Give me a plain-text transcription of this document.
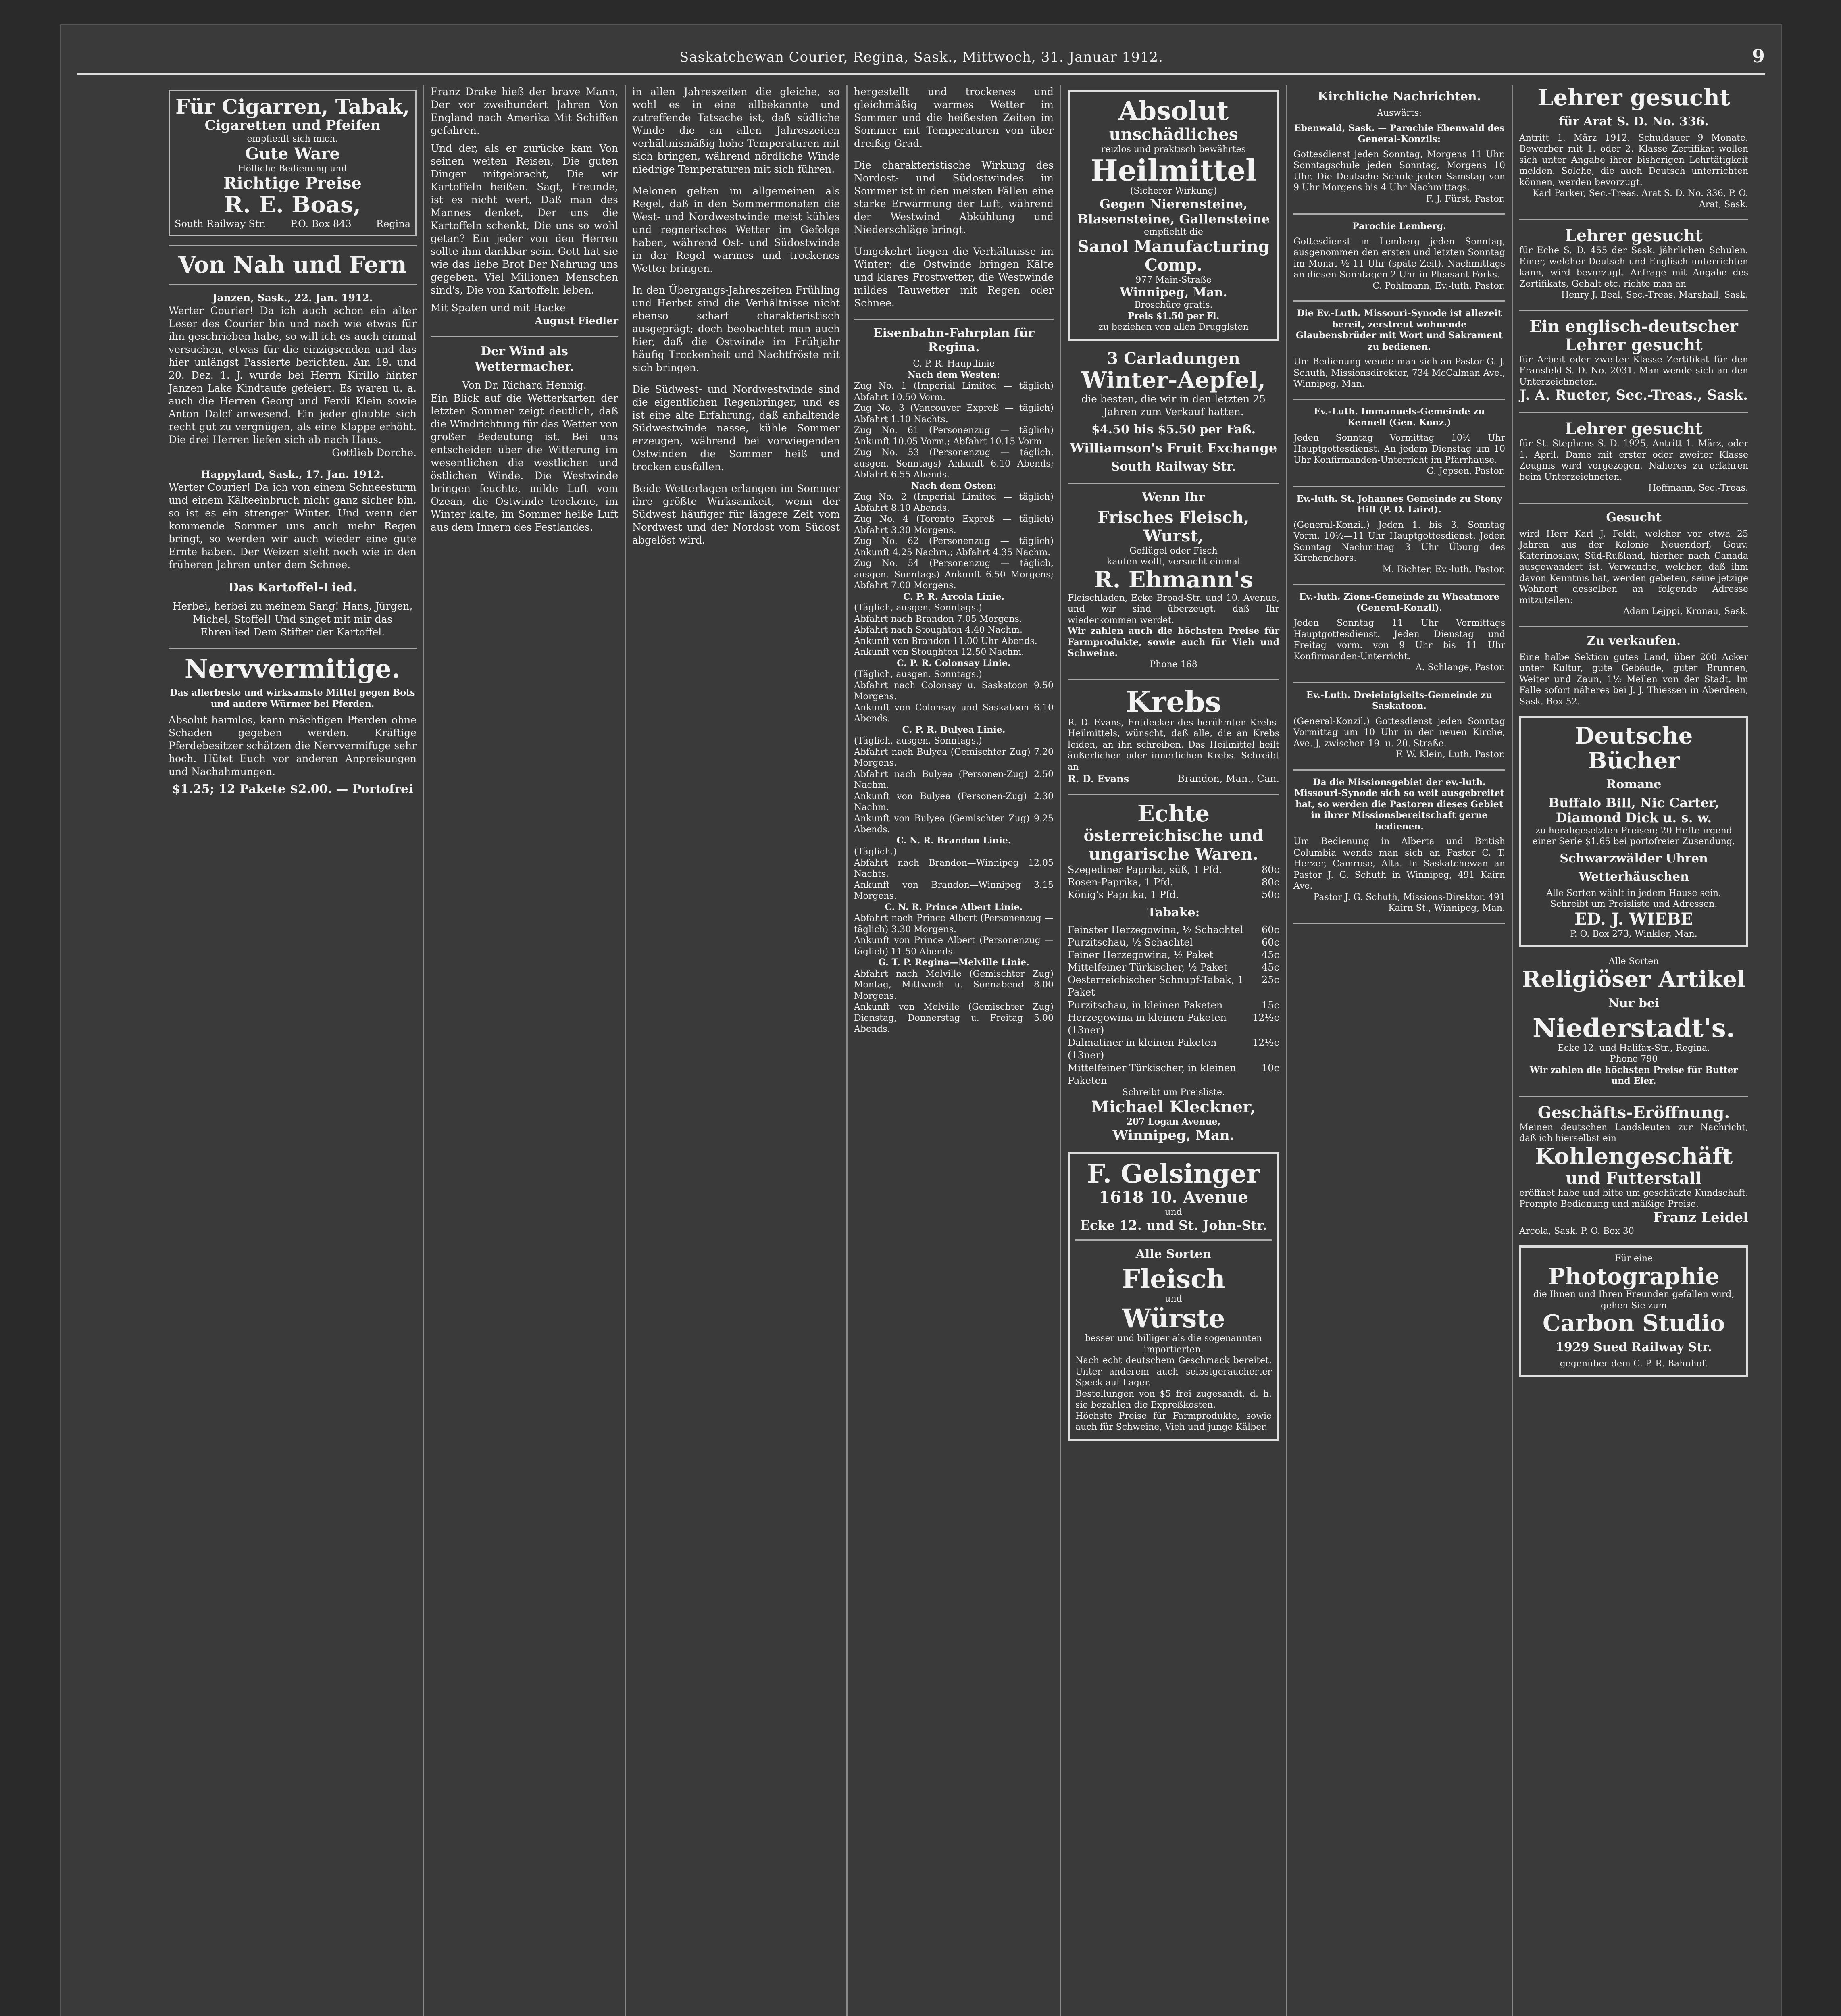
Saskatchewan Courier, Regina, Sask., Mittwoch, 31. Januar 1912.	9
Für Cigarren, Tabak,
Cigaretten und Pfeifen
empfiehlt sich mich.
Gute Ware
Höfliche Bedienung und
Richtige Preise
R. E. Boas,
South Railway Str.	P.O. Box 843	Regina
Von Nah und Fern
Janzen, Sask., 22. Jan. 1912.
Werter Courier! Da ich auch schon ein alter Leser des Courier bin und nach wie etwas für ihn geschrieben habe, so will ich es auch einmal versuchen, etwas für die einzigsenden und das hier unlängst Passierte berichten. Am 19. und 20. Dez. 1. J. wurde bei Herrn Kirillo hinter Janzen Lake Kindtaufe gefeiert. Es waren u. a. auch die Herren Georg und Ferdi Klein sowie Anton Dalcf anwesend. Ein jeder glaubte sich recht gut zu vergnügen, als eine Klappe erhöht. Die drei Herren liefen sich ab nach Haus.
Gottlieb Dorche.
Happyland, Sask., 17. Jan. 1912.
Werter Courier! Da ich von einem Schneesturm und einem Kälteeinbruch nicht ganz sicher bin, so ist es ein strenger Winter. Und wenn der kommende Sommer uns auch mehr Regen bringt, so werden wir auch wieder eine gute Ernte haben. Der Weizen steht noch wie in den früheren Jahren unter dem Schnee.
Das Kartoffel-Lied.
Herbei, herbei zu meinem Sang! Hans, Jürgen, Michel, Stoffel! Und singet mit mir das Ehrenlied Dem Stifter der Kartoffel.
Nervvermitige.
Das allerbeste und wirksamste Mittel gegen Bots und andere Würmer bei Pferden.
Absolut harmlos, kann mächtigen Pferden ohne Schaden gegeben werden. Kräftige Pferdebesitzer schätzen die Nervvermifuge sehr hoch. Hütet Euch vor anderen Anpreisungen und Nachahmungen.
$1.25; 12 Pakete $2.00. — Portofrei
Franz Drake hieß der brave Mann, Der vor zweihundert Jahren Von England nach Amerika Mit Schiffen gefahren.
Und der, als er zurücke kam Von seinen weiten Reisen, Die guten Dinger mitgebracht, Die wir Kartoffeln heißen. Sagt, Freunde, ist es nicht wert, Daß man des Mannes denket, Der uns die Kartoffeln schenkt, Die uns so wohl getan? Ein jeder von den Herren sollte ihm dankbar sein. Gott hat sie wie das liebe Brot Der Nahrung uns gegeben. Viel Millionen Menschen sind's, Die von Kartoffeln leben.
Mit Spaten und mit Hacke
August Fiedler
Der Wind als Wettermacher.
Von Dr. Richard Hennig.
Ein Blick auf die Wetterkarten der letzten Sommer zeigt deutlich, daß die Windrichtung für das Wetter von großer Bedeutung ist. Bei uns entscheiden über die Witterung im wesentlichen die westlichen und östlichen Winde. Die Westwinde bringen feuchte, milde Luft vom Ozean, die Ostwinde trockene, im Winter kalte, im Sommer heiße Luft aus dem Innern des Festlandes.
in allen Jahreszeiten die gleiche, so wohl es in eine allbekannte und zutreffende Tatsache ist, daß südliche Winde die an allen Jahreszeiten verhältnismäßig hohe Temperaturen mit sich bringen, während nördliche Winde niedrige Temperaturen mit sich führen.
Melonen gelten im allgemeinen als Regel, daß in den Sommermonaten die West- und Nordwestwinde meist kühles und regnerisches Wetter im Gefolge haben, während Ost- und Südostwinde in der Regel warmes und trockenes Wetter bringen.
In den Übergangs-Jahreszeiten Frühling und Herbst sind die Verhältnisse nicht ebenso scharf charakteristisch ausgeprägt; doch beobachtet man auch hier, daß die Ostwinde im Frühjahr häufig Trockenheit und Nachtfröste mit sich bringen.
Die Südwest- und Nordwestwinde sind die eigentlichen Regenbringer, und es ist eine alte Erfahrung, daß anhaltende Südwestwinde nasse, kühle Sommer erzeugen, während bei vorwiegenden Ostwinden die Sommer heiß und trocken ausfallen.
Beide Wetterlagen erlangen im Sommer ihre größte Wirksamkeit, wenn der Südwest häufiger für längere Zeit vom Nordwest und der Nordost vom Südost abgelöst wird.
hergestellt und trockenes und gleichmäßig warmes Wetter im Sommer und die heißesten Zeiten im Sommer mit Temperaturen von über dreißig Grad.
Die charakteristische Wirkung des Nordost- und Südostwindes im Sommer ist in den meisten Fällen eine starke Erwärmung der Luft, während der Westwind Abkühlung und Niederschläge bringt.
Umgekehrt liegen die Verhältnisse im Winter: die Ostwinde bringen Kälte und klares Frostwetter, die Westwinde mildes Tauwetter mit Regen oder Schnee.
Eisenbahn-Fahrplan für Regina.
C. P. R. Hauptlinie
Nach dem Westen:
Zug No. 1 (Imperial Limited — täglich) Abfahrt 10.50 Vorm.
Zug No. 3 (Vancouver Expreß — täglich) Abfahrt 1.10 Nachts.
Zug No. 61 (Personenzug — täglich) Ankunft 10.05 Vorm.; Abfahrt 10.15 Vorm.
Zug No. 53 (Personenzug — täglich, ausgen. Sonntags) Ankunft 6.10 Abends; Abfahrt 6.55 Abends.
Nach dem Osten:
Zug No. 2 (Imperial Limited — täglich) Abfahrt 8.10 Abends.
Zug No. 4 (Toronto Expreß — täglich) Abfahrt 3.30 Morgens.
Zug No. 62 (Personenzug — täglich) Ankunft 4.25 Nachm.; Abfahrt 4.35 Nachm.
Zug No. 54 (Personenzug — täglich, ausgen. Sonntags) Ankunft 6.50 Morgens; Abfahrt 7.00 Morgens.
C. P. R. Arcola Linie.
(Täglich, ausgen. Sonntags.)
Abfahrt nach Brandon 7.05 Morgens.
Abfahrt nach Stoughton 4.40 Nachm.
Ankunft von Brandon 11.00 Uhr Abends.
Ankunft von Stoughton 12.50 Nachm.
C. P. R. Colonsay Linie.
(Täglich, ausgen. Sonntags.)
Abfahrt nach Colonsay u. Saskatoon 9.50 Morgens.
Ankunft von Colonsay und Saskatoon 6.10 Abends.
C. P. R. Bulyea Linie.
(Täglich, ausgen. Sonntags.)
Abfahrt nach Bulyea (Gemischter Zug) 7.20 Morgens.
Abfahrt nach Bulyea (Personen-Zug) 2.50 Nachm.
Ankunft von Bulyea (Personen-Zug) 2.30 Nachm.
Ankunft von Bulyea (Gemischter Zug) 9.25 Abends.
C. N. R. Brandon Linie.
(Täglich.)
Abfahrt nach Brandon—Winnipeg 12.05 Nachts.
Ankunft von Brandon—Winnipeg 3.15 Morgens.
C. N. R. Prince Albert Linie.
Abfahrt nach Prince Albert (Personenzug — täglich) 3.30 Morgens.
Ankunft von Prince Albert (Personenzug — täglich) 11.50 Abends.
G. T. P. Regina—Melville Linie.
Abfahrt nach Melville (Gemischter Zug) Montag, Mittwoch u. Sonnabend 8.00 Morgens.
Ankunft von Melville (Gemischter Zug) Dienstag, Donnerstag u. Freitag 5.00 Abends.
Absolut
unschädliches
reizlos und praktisch bewährtes
Heilmittel
(Sicherer Wirkung)
Gegen Nierensteine, Blasensteine, Gallensteine
empfiehlt die
Sanol Manufacturing Comp.
977 Main-Straße
Winnipeg, Man.
Broschüre gratis.
Preis $1.50 per Fl.
zu beziehen von allen Drugglsten
3 Carladungen
Winter-Aepfel,
die besten, die wir in den letzten 25 Jahren zum Verkauf hatten.
$4.50 bis $5.50 per Faß.
Williamson's Fruit Exchange
South Railway Str.
Wenn Ihr
Frisches Fleisch, Wurst,
Geflügel oder Fisch
kaufen wollt, versucht einmal
R. Ehmann's
Fleischladen, Ecke Broad-Str. und 10. Avenue, und wir sind überzeugt, daß Ihr wiederkommen werdet.
Wir zahlen auch die höchsten Preise für Farmprodukte, sowie auch für Vieh und Schweine.
Phone 168
Krebs
R. D. Evans, Entdecker des berühmten Krebs-Heilmittels, wünscht, daß alle, die an Krebs leiden, an ihn schreiben. Das Heilmittel heilt äußerlichen oder innerlichen Krebs. Schreibt an
R. D. Evans	Brandon, Man., Can.
Echte
österreichische und ungarische Waren.
Szegediner Paprika, süß, 1 Pfd.	80c
Rosen-Paprika, 1 Pfd.	80c
König's Paprika, 1 Pfd.	50c
Tabake:
Feinster Herzegowina, ½ Schachtel 60c
Purzitschau, ½ Schachtel	60c
Feiner Herzegowina, ½ Paket	45c
Mittelfeiner Türkischer, ½ Paket	45c
Oesterreichischer Schnupf-Tabak, 1 Paket
25c
Purzitschau, in kleinen Paketen	15c
Herzegowina in kleinen Paketen (13ner)
12½c
Dalmatiner in kleinen Paketen (13ner)
12½c
Mittelfeiner Türkischer, in kleinen Paketen
10c
Schreibt um Preisliste.
Michael Kleckner,
207 Logan Avenue,
Winnipeg, Man.
F. Gelsinger
1618 10. Avenue
und
Ecke 12. und St. John-Str.
Alle Sorten
Fleisch
und
Würste
besser und billiger als die sogenannten importierten.
Nach echt deutschem Geschmack bereitet. Unter anderem auch selbstgeräucherter Speck auf Lager.
Bestellungen von $5 frei zugesandt, d. h. sie bezahlen die Expreßkosten.
Höchste Preise für Farmprodukte, sowie auch für Schweine, Vieh und junge Kälber.
Kirchliche Nachrichten.
Auswärts:
Ebenwald, Sask. — Parochie Ebenwald des General-Konzils:
Gottesdienst jeden Sonntag, Morgens 11 Uhr. Sonntagschule jeden Sonntag, Morgens 10 Uhr. Die Deutsche Schule jeden Samstag von 9 Uhr Morgens bis 4 Uhr Nachmittags.
F. J. Fürst, Pastor.
Parochie Lemberg.
Gottesdienst in Lemberg jeden Sonntag, ausgenommen den ersten und letzten Sonntag im Monat ½ 11 Uhr (späte Zeit). Nachmittags an diesen Sonntagen 2 Uhr in Pleasant Forks.
C. Pohlmann, Ev.-luth. Pastor.
Die Ev.-Luth. Missouri-Synode ist allezeit bereit, zerstreut wohnende Glaubensbrüder mit Wort und Sakrament zu bedienen.
Um Bedienung wende man sich an Pastor G. J. Schuth, Missionsdirektor, 734 McCalman Ave., Winnipeg, Man.
Ev.-Luth. Immanuels-Gemeinde zu Kennell (Gen. Konz.)
Jeden Sonntag Vormittag 10½ Uhr Hauptgottesdienst. An jedem Dienstag um 10 Uhr Konfirmanden-Unterricht im Pfarrhause.
G. Jepsen, Pastor.
Ev.-luth. St. Johannes Gemeinde zu Stony Hill (P. O. Laird).
(General-Konzil.) Jeden 1. bis 3. Sonntag Vorm. 10½—11 Uhr Hauptgottesdienst. Jeden Sonntag Nachmittag 3 Uhr Übung des Kirchenchors.
M. Richter, Ev.-luth. Pastor.
Ev.-luth. Zions-Gemeinde zu Wheatmore (General-Konzil).
Jeden Sonntag 11 Uhr Vormittags Hauptgottesdienst. Jeden Dienstag und Freitag vorm. von 9 Uhr bis 11 Uhr Konfirmanden-Unterricht.
A. Schlange, Pastor.
Ev.-Luth. Dreieinigkeits-Gemeinde zu Saskatoon.
(General-Konzil.) Gottesdienst jeden Sonntag Vormittag um 10 Uhr in der neuen Kirche, Ave. J, zwischen 19. u. 20. Straße.
F. W. Klein, Luth. Pastor.
Da die Missionsgebiet der ev.-luth. Missouri-Synode sich so weit ausgebreitet hat, so werden die Pastoren dieses Gebiet in ihrer Missionsbereitschaft gerne bedienen.
Um Bedienung in Alberta und British Columbia wende man sich an Pastor C. T. Herzer, Camrose, Alta. In Saskatchewan an Pastor J. G. Schuth in Winnipeg, 491 Kairn Ave.
Pastor J. G. Schuth, Missions-Direktor. 491 Kairn St., Winnipeg, Man.
Lehrer gesucht
für Arat S. D. No. 336.
Antritt 1. März 1912. Schuldauer 9 Monate. Bewerber mit 1. oder 2. Klasse Zertifikat wollen sich unter Angabe ihrer bisherigen Lehrtätigkeit melden. Solche, die auch Deutsch unterrichten können, werden bevorzugt.
Karl Parker, Sec.-Treas. Arat S. D. No. 336, P. O. Arat, Sask.
Lehrer gesucht
für Eche S. D. 455 der Sask. jährlichen Schulen. Einer, welcher Deutsch und Englisch unterrichten kann, wird bevorzugt. Anfrage mit Angabe des Zertifikats, Gehalt etc. richte man an
Henry J. Beal, Sec.-Treas. Marshall, Sask.
Ein englisch-deutscher Lehrer gesucht
für Arbeit oder zweiter Klasse Zertifikat für den Fransfeld S. D. No. 2031. Man wende sich an den Unterzeichneten.
J. A. Rueter, Sec.-Treas., Sask.
Lehrer gesucht
für St. Stephens S. D. 1925, Antritt 1. März, oder 1. April. Dame mit erster oder zweiter Klasse Zeugnis wird vorgezogen. Näheres zu erfahren beim Unterzeichneten.
Hoffmann, Sec.-Treas.
Gesucht
wird Herr Karl J. Feldt, welcher vor etwa 25 Jahren aus der Kolonie Neuendorf, Gouv. Katerinoslaw, Süd-Rußland, hierher nach Canada ausgewandert ist. Verwandte, welcher, daß ihm davon Kenntnis hat, werden gebeten, seine jetzige Wohnort desselben an folgende Adresse mitzuteilen:
Adam Lejppi, Kronau, Sask.
Zu verkaufen.
Eine halbe Sektion gutes Land, über 200 Acker unter Kultur, gute Gebäude, guter Brunnen, Weiter und Zaun, 1½ Meilen von der Stadt. Im Falle sofort näheres bei J. J. Thiessen in Aberdeen, Sask. Box 52.
Deutsche Bücher
Romane
Buffalo Bill, Nic Carter, Diamond Dick u. s. w.
zu herabgesetzten Preisen; 20 Hefte irgend einer Serie $1.65 bei portofreier Zusendung.
Schwarzwälder Uhren
Wetterhäuschen
Alle Sorten wählt in jedem Hause sein. Schreibt um Preisliste und Adressen.
ED. J. WIEBE
P. O. Box 273, Winkler, Man.
Alle Sorten
Religiöser Artikel
Nur bei
Niederstadt's.
Ecke 12. und Halifax-Str., Regina.
Phone 790
Wir zahlen die höchsten Preise für Butter und Eier.
Geschäfts-Eröffnung.
Meinen deutschen Landsleuten zur Nachricht, daß ich hierselbst ein
Kohlengeschäft
und Futterstall
eröffnet habe und bitte um geschätzte Kundschaft. Prompte Bedienung und mäßige Preise.
Franz Leidel
Arcola, Sask. P. O. Box 30
Für eine
Photographie
die Ihnen und Ihren Freunden gefallen wird, gehen Sie zum
Carbon Studio
1929 Sued Railway Str.
gegenüber dem C. P. R. Bahnhof.
